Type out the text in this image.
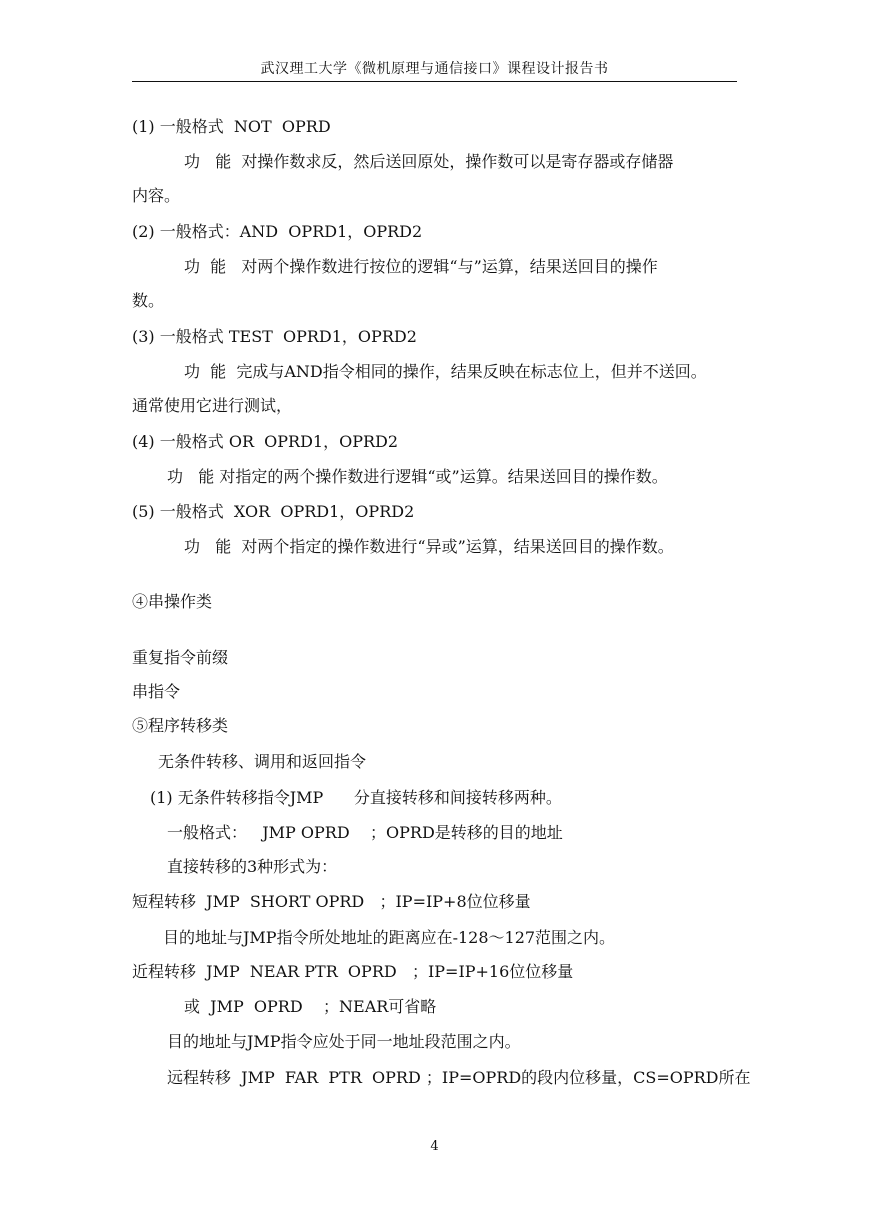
武汉理工大学《微机原理与通信接口》课程设计报告书
(1) 一般格式  NOT  OPRD
功   能  对操作数求反，然后送回原处，操作数可以是寄存器或存储器
内容。
(2) 一般格式：AND  OPRD1，OPRD2
功  能   对两个操作数进行按位的逻辑“与”运算，结果送回目的操作
数。
(3) 一般格式 TEST  OPRD1，OPRD2
功  能  完成与AND指令相同的操作，结果反映在标志位上，但并不送回。
通常使用它进行测试，
(4) 一般格式 OR  OPRD1，OPRD2
功   能 对指定的两个操作数进行逻辑“或”运算。结果送回目的操作数。
(5) 一般格式  XOR  OPRD1，OPRD2
功   能  对两个指定的操作数进行“异或”运算，结果送回目的操作数。
④串操作类
重复指令前缀
串指令
⑤程序转移类
无条件转移、调用和返回指令
(1) 无条件转移指令JMP      分直接转移和间接转移两种。
一般格式：   JMP OPRD    ；OPRD是转移的目的地址
直接转移的3种形式为：
短程转移  JMP  SHORT OPRD   ；IP=IP+8位位移量
目的地址与JMP指令所处地址的距离应在-128～127范围之内。
近程转移  JMP  NEAR PTR  OPRD   ；IP=IP+16位位移量
或  JMP  OPRD    ；NEAR可省略
目的地址与JMP指令应处于同一地址段范围之内。
远程转移  JMP  FAR  PTR  OPRD ；IP=OPRD的段内位移量，CS=OPRD所在
4
